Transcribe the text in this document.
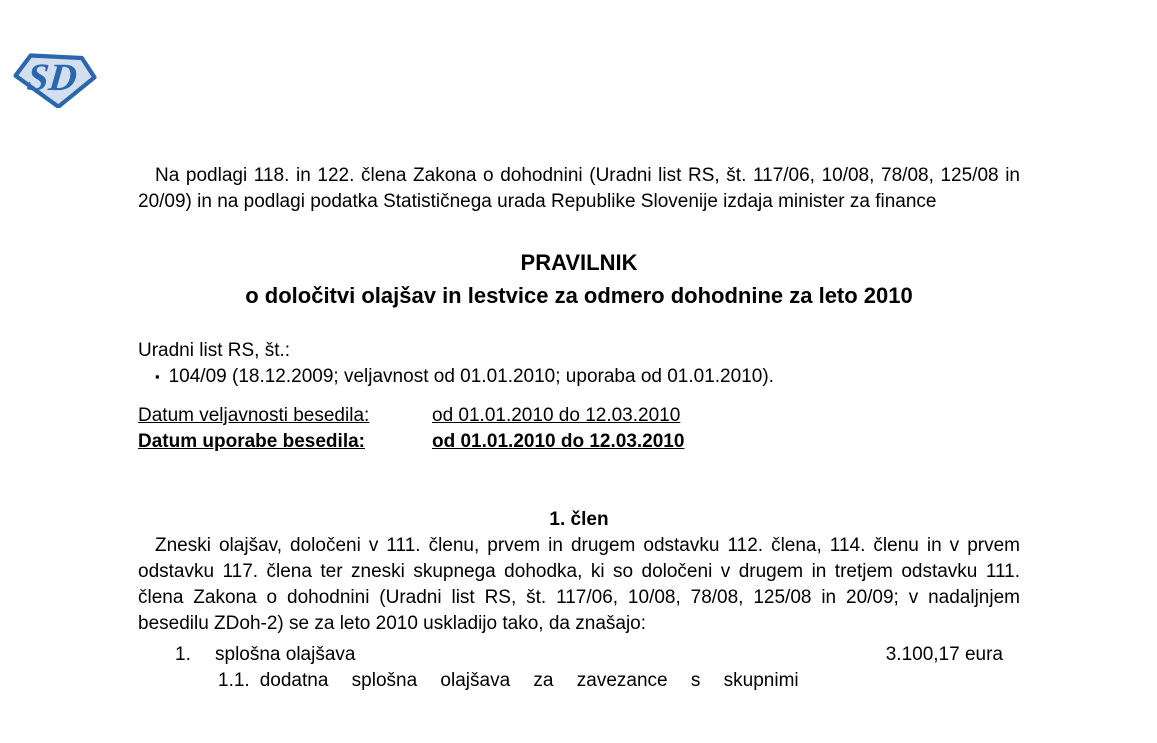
SD

Na podlagi 118. in 122. člena Zakona o dohodnini (Uradni list RS, št. 117/06, 10/08, 78/08, 125/08 in 20/09) in na podlagi podatka Statističnega urada Republike Slovenije izdaja minister za finance

PRAVILNIK
o določitvi olajšav in lestvice za odmero dohodnine za leto 2010
Uradni list RS, št.:
▪ 104/09 (18.12.2009; veljavnost od 01.01.2010; uporaba od 01.01.2010).
Datum veljavnosti besedila:	od 01.01.2010 do 12.03.2010
Datum uporabe besedila:	od 01.01.2010 do 12.03.2010
1. člen

Zneski olajšav, določeni v 111. členu, prvem in drugem odstavku 112. člena, 114. členu in v prvem odstavku 117. člena ter zneski skupnega dohodka, ki so določeni v drugem in tretjem odstavku 111. člena Zakona o dohodnini (Uradni list RS, št. 117/06, 10/08, 78/08, 125/08 in 20/09; v nadaljnjem besedilu ZDoh-2) se za leto 2010 uskladijo tako, da znašajo:

1.	splošna olajšava	3.100,17 eura
1.1. dodatna splošna olajšava za zavezance s skupnimi
